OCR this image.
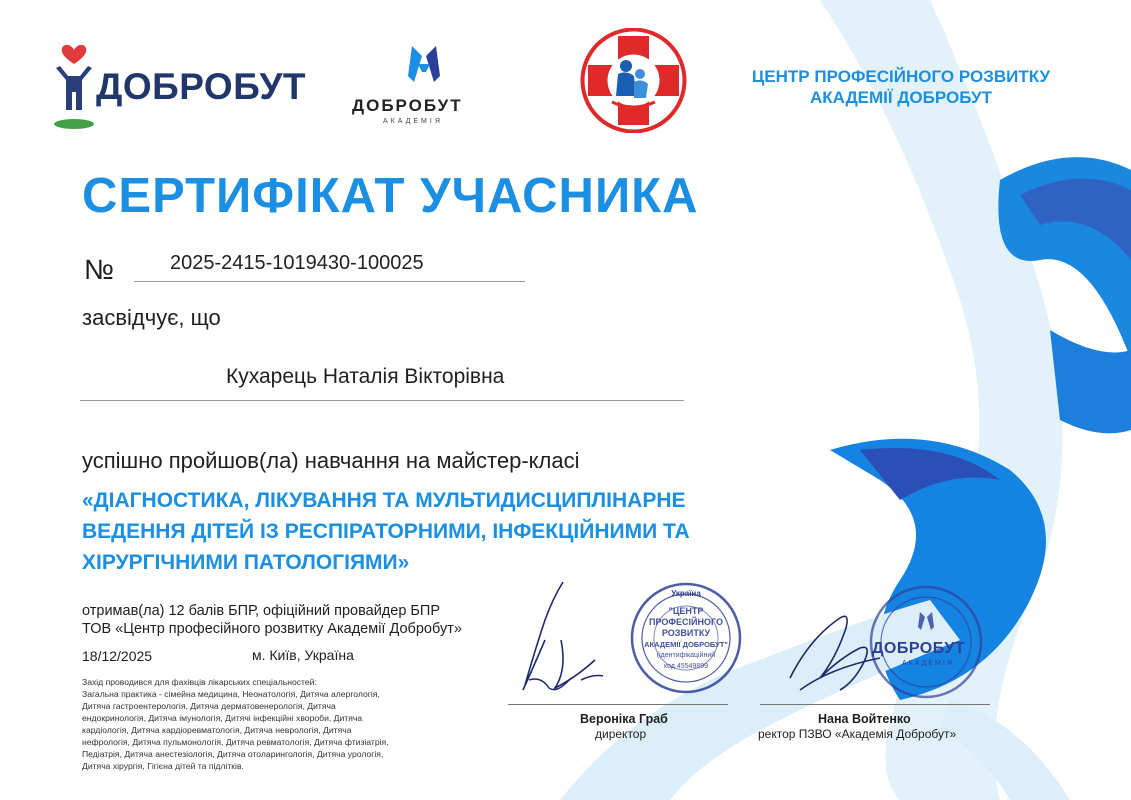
ДОБРОБУТ	ДОБРОБУТ
АКАДЕМІЯ
ЦЕНТР ПРОФЕСІЙНОГО РОЗВИТКУ
АКАДЕМІЇ ДОБРОБУТ
СЕРТИФІКАТ УЧАСНИКА
№	2025-2415-1019430-100025
засвідчує, що
Кухарець Наталія Вікторівна
успішно пройшов(ла) навчання на майстер-класі
«ДІАГНОСТИКА, ЛІКУВАННЯ ТА МУЛЬТИДИСЦИПЛІНАРНЕ
ВЕДЕННЯ ДІТЕЙ ІЗ РЕСПІРАТОРНИМИ, ІНФЕКЦІЙНИМИ ТА
ХІРУРГІЧНИМИ ПАТОЛОГІЯМИ»
отримав(ла) 12 балів БПР, офіційний провайдер БПР
ТОВ «Центр професійного розвитку Академії Добробут»
18/12/2025	м. Київ, Україна
Захід проводився для фахівців лікарських спеціальностей:
Загальна практика - сімейна медицина, Неонатологія, Дитяча алергологія,
Дитяча гастроентерологія, Дитяча дерматовенерологія, Дитяча
ендокринологія, Дитяча імунологія, Дитячі інфекційні хвороби, Дитяча
кардіологія, Дитяча кардіоревматологія, Дитяча неврологія, Дитяча
нефрологія, Дитяча пульмонологія, Дитяча ревматологія, Дитяча фтизіатрія,
Педіатрія, Дитяча анестезіологія, Дитяча отоларингологія, Дитяча урологія,
Дитяча хірургія, Гігієна дітей та підлітків.
Україна
"ЦЕНТР
ПРОФЕСІЙНОГО
РОЗВИТКУ
АКАДЕМІЇ ДОБРОБУТ"
(ідентифікаційний
код 45549899
ДОБРОБУТ
АКАДЕМІЯ
Вероніка Граб
директор
Нана Войтенко
ректор ПЗВО «Академія Добробут»
